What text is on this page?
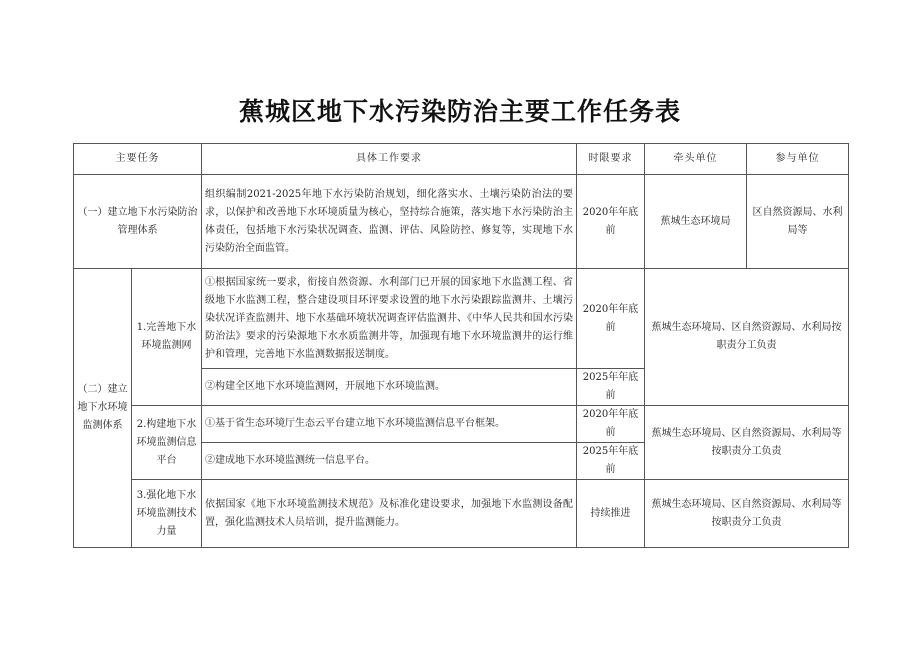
蕉城区地下水污染防治主要工作任务表
主要任务		具体工作要求	时限要求	牵头单位	参与单位
（一）建立地下水污染防治管理体系		组织编制2021-2025年地下水污染防治规划，细化落实水、土壤污染防治法的要求，以保护和改善地下水环境质量为核心，坚持综合施策，落实地下水污染防治主体责任，包括地下水污染状况调查、监测、评估、风险防控、修复等，实现地下水污染防治全面监管。	2020年年底前	蕉城生态环境局	区自然资源局、水利局等
（二）建立地下水环境监测体系	1.完善地下水环境监测网	①根据国家统一要求，衔接自然资源、水利部门已开展的国家地下水监测工程、省级地下水监测工程，整合建设项目环评要求设置的地下水污染跟踪监测井、土壤污染状况详查监测井、地下水基础环境状况调查评估监测井、《中华人民共和国水污染防治法》要求的污染源地下水水质监测井等，加强现有地下水环境监测井的运行维护和管理，完善地下水监测数据报送制度。	2020年年底前	蕉城生态环境局、区自然资源局、水利局按职责分工负责	
		②构建全区地下水环境监测网，开展地下水环境监测。	2025年年底前		
	2.构建地下水环境监测信息平台	①基于省生态环境厅生态云平台建立地下水环境监测信息平台框架。	2020年年底前	蕉城生态环境局、区自然资源局、水利局等按职责分工负责	
		②建成地下水环境监测统一信息平台。	2025年年底前		
	3.强化地下水环境监测技术力量	依据国家《地下水环境监测技术规范》及标准化建设要求，加强地下水监测设备配置，强化监测技术人员培训，提升监测能力。	持续推进	蕉城生态环境局、区自然资源局、水利局等按职责分工负责	
